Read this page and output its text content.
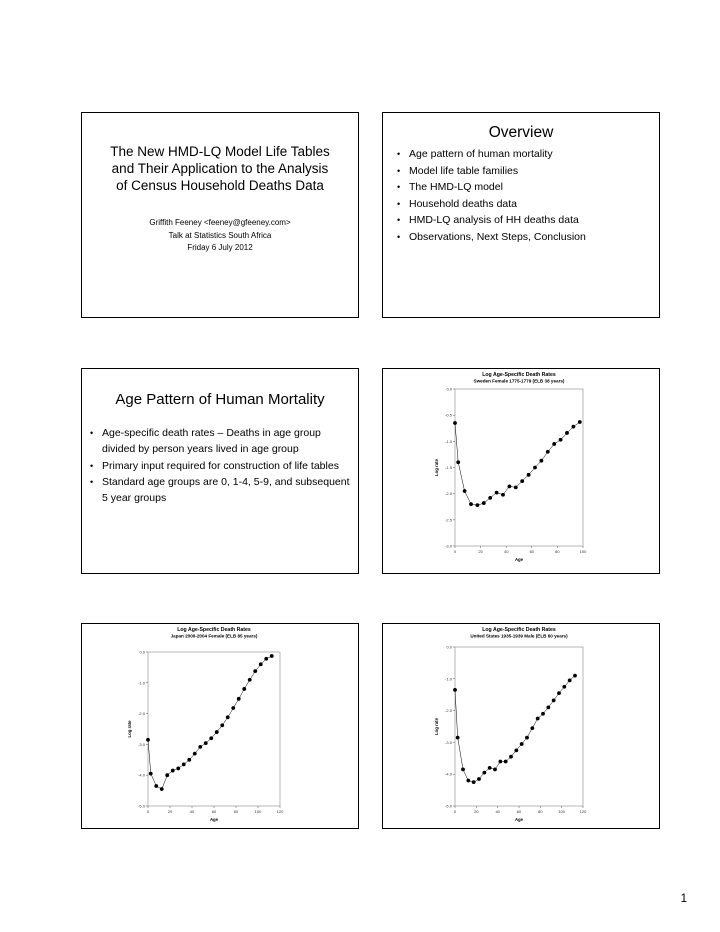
The New HMD-LQ Model Life Tables
and Their Application to the Analysis
of Census Household Deaths Data
Griffith Feeney <feeney@gfeeney.com>
Talk at Statistics South Africa
Friday 6 July 2012
Overview
• Age pattern of human mortality
• Model life table families
• The HMD-LQ model
• Household deaths data
• HMD-LQ analysis of HH deaths data
• Observations, Next Steps, Conclusion
Age Pattern of Human Mortality
• Age-specific death rates – Deaths in age group divided by person years lived in age group
• Primary input required for construction of life tables
• Standard age groups are 0, 1-4, 5-9, and subsequent 5 year groups
Log Age-Specific Death Rates
Sweden Female 1775-1779 (ELB 38 years)
0.0
-0.5
-1.0
-1.5
-2.0
-2.5
-3.0
0	20	40	60	80	100
Age
Log rate
Log Age-Specific Death Rates
Japan 2000-2004 Female (ELB 85 years)
0.0
-1.0
-2.0
-3.0
-4.0
-5.0
0	20	40	60	80	100	120
Age
Log rate
Log Age-Specific Death Rates
United States 1935-1939 Male (ELB 60 years)
0.0
-1.0
-2.0
-3.0
-4.0
-5.0
0	20	40	60	80	100	120
Age
Log rate
1
